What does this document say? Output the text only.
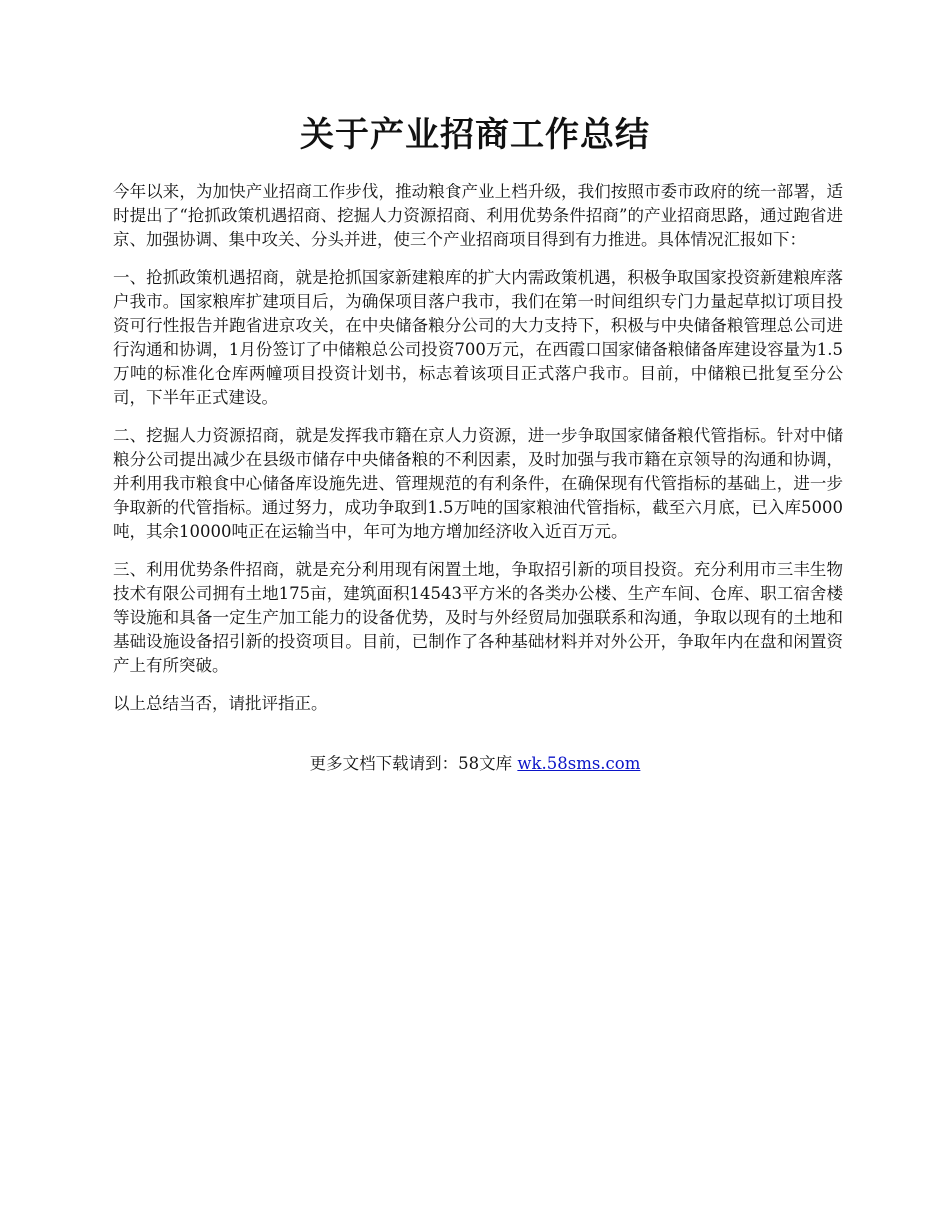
关于产业招商工作总结

今年以来，为加快产业招商工作步伐，推动粮食产业上档升级，我们按照市委市政府的统一部署，适时提出了“抢抓政策机遇招商、挖掘人力资源招商、利用优势条件招商”的产业招商思路，通过跑省进京、加强协调、集中攻关、分头并进，使三个产业招商项目得到有力推进。具体情况汇报如下：

一、抢抓政策机遇招商，就是抢抓国家新建粮库的扩大内需政策机遇，积极争取国家投资新建粮库落户我市。国家粮库扩建项目后，为确保项目落户我市，我们在第一时间组织专门力量起草拟订项目投资可行性报告并跑省进京攻关，在中央储备粮分公司的大力支持下，积极与中央储备粮管理总公司进行沟通和协调，1月份签订了中储粮总公司投资700万元，在西霞口国家储备粮储备库建设容量为1.5万吨的标准化仓库两幢项目投资计划书，标志着该项目正式落户我市。目前，中储粮已批复至分公司，下半年正式建设。

二、挖掘人力资源招商，就是发挥我市籍在京人力资源，进一步争取国家储备粮代管指标。针对中储粮分公司提出减少在县级市储存中央储备粮的不利因素，及时加强与我市籍在京领导的沟通和协调，并利用我市粮食中心储备库设施先进、管理规范的有利条件，在确保现有代管指标的基础上，进一步争取新的代管指标。通过努力，成功争取到1.5万吨的国家粮油代管指标，截至六月底，已入库5000吨，其余10000吨正在运输当中，年可为地方增加经济收入近百万元。

三、利用优势条件招商，就是充分利用现有闲置土地，争取招引新的项目投资。充分利用市三丰生物技术有限公司拥有土地175亩，建筑面积14543平方米的各类办公楼、生产车间、仓库、职工宿舍楼等设施和具备一定生产加工能力的设备优势，及时与外经贸局加强联系和沟通，争取以现有的土地和基础设施设备招引新的投资项目。目前，已制作了各种基础材料并对外公开，争取年内在盘和闲置资产上有所突破。

以上总结当否，请批评指正。

更多文档下载请到：58文库 wk.58sms.com
